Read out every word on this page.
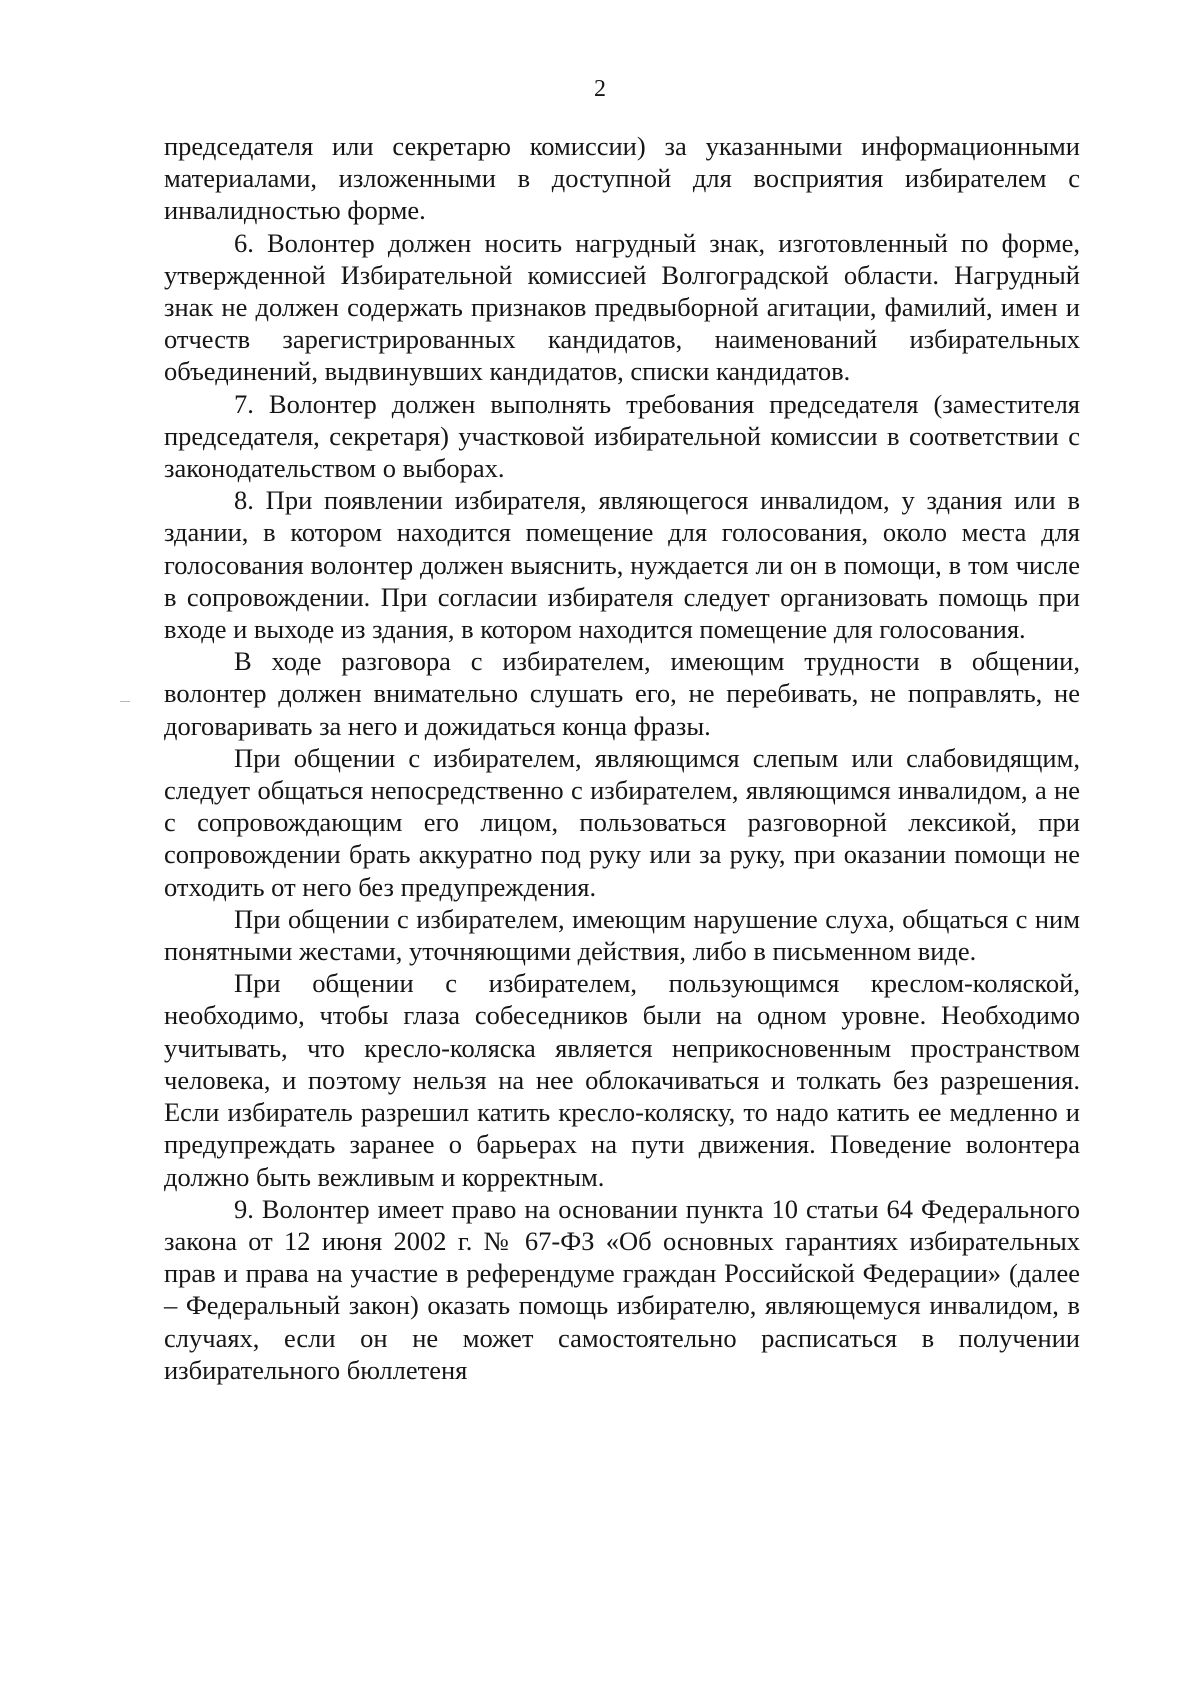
2

председателя или секретарю комиссии) за указанными информационными материалами, изложенными в доступной для восприятия избирателем с инвалидностью форме.

6. Волонтер должен носить нагрудный знак, изготовленный по форме, утвержденной Избирательной комиссией Волгоградской области. Нагрудный знак не должен содержать признаков предвыборной агитации, фамилий, имен и отчеств зарегистрированных кандидатов, наименований избирательных объединений, выдвинувших кандидатов, списки кандидатов.

7. Волонтер должен выполнять требования председателя (заместителя председателя, секретаря) участковой избирательной комиссии в соответствии с законодательством о выборах.

8. При появлении избирателя, являющегося инвалидом, у здания или в здании, в котором находится помещение для голосования, около места для голосования волонтер должен выяснить, нуждается ли он в помощи, в том числе в сопровождении. При согласии избирателя следует организовать помощь при входе и выходе из здания, в котором находится помещение для голосования.

В ходе разговора с избирателем, имеющим трудности в общении, волонтер должен внимательно слушать его, не перебивать, не поправлять, не договаривать за него и дожидаться конца фразы.

При общении с избирателем, являющимся слепым или слабовидящим, следует общаться непосредственно с избирателем, являющимся инвалидом, а не с сопровождающим его лицом, пользоваться разговорной лексикой, при сопровождении брать аккуратно под руку или за руку, при оказании помощи не отходить от него без предупреждения.

При общении с избирателем, имеющим нарушение слуха, общаться с ним понятными жестами, уточняющими действия, либо в письменном виде.

При общении с избирателем, пользующимся креслом-коляской, необходимо, чтобы глаза собеседников были на одном уровне. Необходимо учитывать, что кресло-коляска является неприкосновенным пространством человека, и поэтому нельзя на нее облокачиваться и толкать без разрешения. Если избиратель разрешил катить кресло-коляску, то надо катить ее медленно и предупреждать заранее о барьерах на пути движения. Поведение волонтера должно быть вежливым и корректным.

9. Волонтер имеет право на основании пункта 10 статьи 64 Федерального закона от 12 июня 2002 г. № 67-ФЗ «Об основных гарантиях избирательных прав и права на участие в референдуме граждан Российской Федерации» (далее – Федеральный закон) оказать помощь избирателю, являющемуся инвалидом, в случаях, если он не может самостоятельно расписаться в получении избирательного бюллетеня
